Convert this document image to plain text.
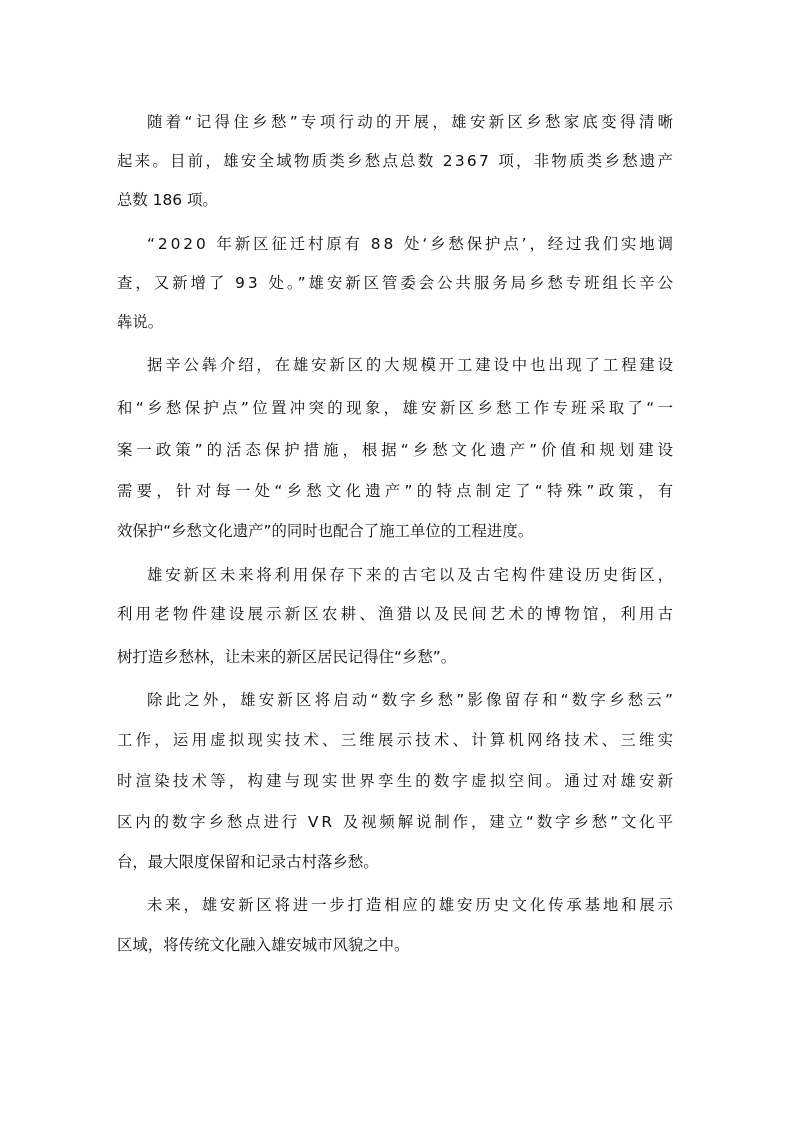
随着“记得住乡愁”专项行动的开展，雄安新区乡愁家底变得清晰
起来。目前，雄安全域物质类乡愁点总数 2367 项，非物质类乡愁遗产
总数 186 项。
“2020 年新区征迁村原有 88 处‘乡愁保护点’，经过我们实地调
查，又新增了 93 处。”雄安新区管委会公共服务局乡愁专班组长辛公
犇说。
据辛公犇介绍，在雄安新区的大规模开工建设中也出现了工程建设
和“乡愁保护点”位置冲突的现象，雄安新区乡愁工作专班采取了“一
案一政策”的活态保护措施，根据“乡愁文化遗产”价值和规划建设
需要，针对每一处“乡愁文化遗产”的特点制定了“特殊”政策，有
效保护“乡愁文化遗产”的同时也配合了施工单位的工程进度。
雄安新区未来将利用保存下来的古宅以及古宅构件建设历史街区，
利用老物件建设展示新区农耕、渔猎以及民间艺术的博物馆，利用古
树打造乡愁林，让未来的新区居民记得住“乡愁”。
除此之外，雄安新区将启动“数字乡愁”影像留存和“数字乡愁云”
工作，运用虚拟现实技术、三维展示技术、计算机网络技术、三维实
时渲染技术等，构建与现实世界孪生的数字虚拟空间。通过对雄安新
区内的数字乡愁点进行 VR 及视频解说制作，建立“数字乡愁”文化平
台，最大限度保留和记录古村落乡愁。
未来，雄安新区将进一步打造相应的雄安历史文化传承基地和展示
区域，将传统文化融入雄安城市风貌之中。
